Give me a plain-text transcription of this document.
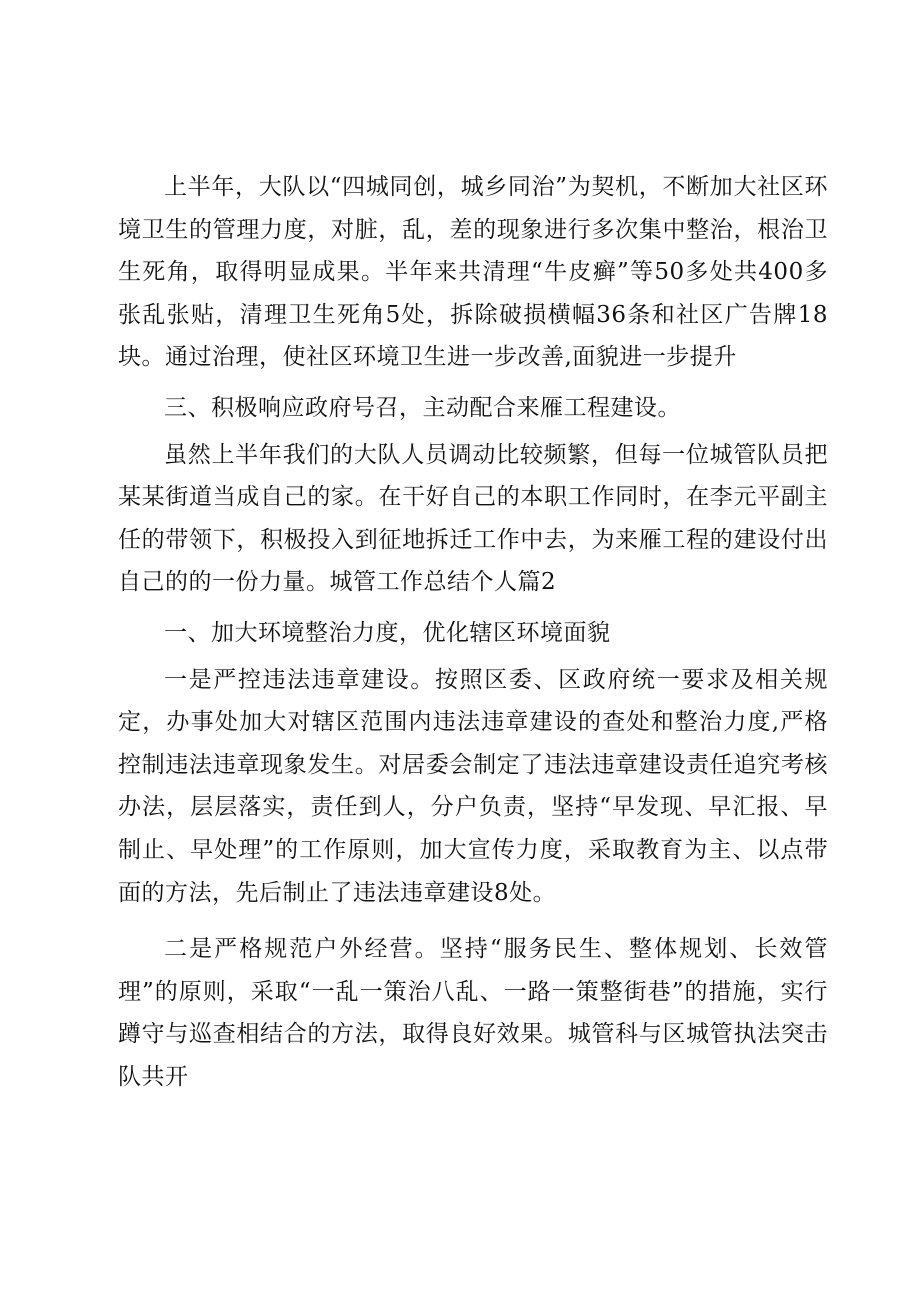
上半年，大队以“四城同创，城乡同治”为契机，不断加大社区环境卫生的管理力度，对脏，乱，差的现象进行多次集中整治，根治卫生死角，取得明显成果。半年来共清理“牛皮癣”等50多处共400多张乱张贴，清理卫生死角5处，拆除破损横幅36条和社区广告牌18块。通过治理，使社区环境卫生进一步改善,面貌进一步提升

三、积极响应政府号召，主动配合来雁工程建设。

虽然上半年我们的大队人员调动比较频繁，但每一位城管队员把某某街道当成自己的家。在干好自己的本职工作同时，在李元平副主任的带领下，积极投入到征地拆迁工作中去，为来雁工程的建设付出自己的的一份力量。城管工作总结个人篇2

一、加大环境整治力度，优化辖区环境面貌

一是严控违法违章建设。按照区委、区政府统一要求及相关规定，办事处加大对辖区范围内违法违章建设的查处和整治力度,严格控制违法违章现象发生。对居委会制定了违法违章建设责任追究考核办法，层层落实，责任到人，分户负责，坚持“早发现、早汇报、早制止、早处理”的工作原则，加大宣传力度，采取教育为主、以点带面的方法，先后制止了违法违章建设8处。

二是严格规范户外经营。坚持“服务民生、整体规划、长效管理”的原则，采取“一乱一策治八乱、一路一策整街巷”的措施，实行蹲守与巡查相结合的方法，取得良好效果。城管科与区城管执法突击队共开
